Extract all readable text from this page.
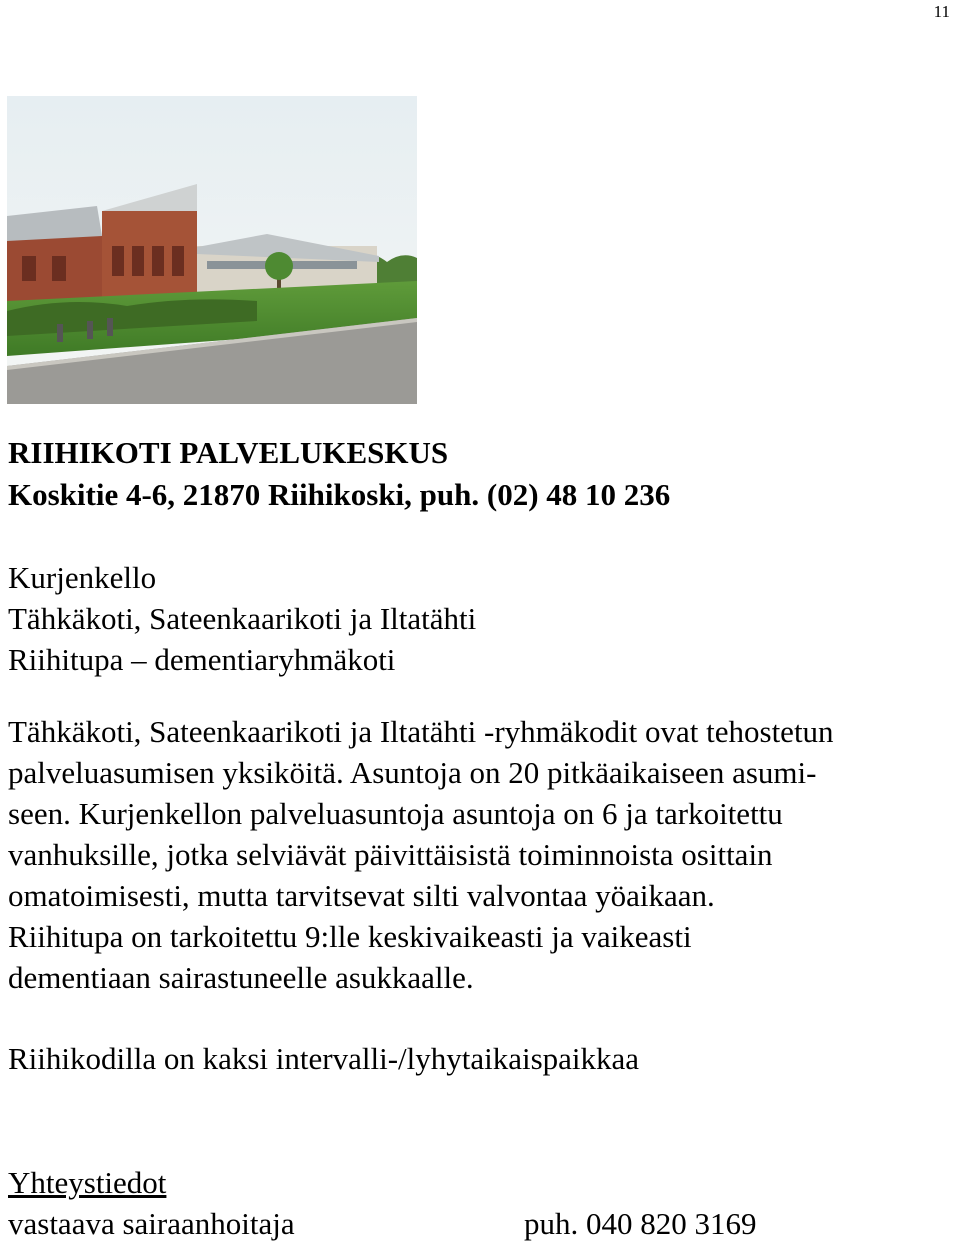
11
RIIHIKOTI PALVELUKESKUS
Koskitie 4-6, 21870 Riihikoski, puh. (02) 48 10 236
Kurjenkello
Tähkäkoti, Sateenkaarikoti ja Iltatähti
Riihitupa – dementiaryhmäkoti

Tähkäkoti, Sateenkaarikoti ja Iltatähti -ryhmäkodit ovat tehostetun
palveluasumisen yksiköitä. Asuntoja on 20 pitkäaikaiseen asumi-
seen. Kurjenkellon palveluasuntoja asuntoja on 6 ja tarkoitettu
vanhuksille, jotka selviävät päivittäisistä toiminnoista osittain
omatoimisesti, mutta tarvitsevat silti valvontaa yöaikaan.
Riihitupa on tarkoitettu 9:lle keskivaikeasti ja vaikeasti
dementiaan sairastuneelle asukkaalle.

Riihikodilla on kaksi intervalli-/lyhytaikaispaikkaa
Yhteystiedot
vastaava sairaanhoitaja	puh. 040 820 3169
